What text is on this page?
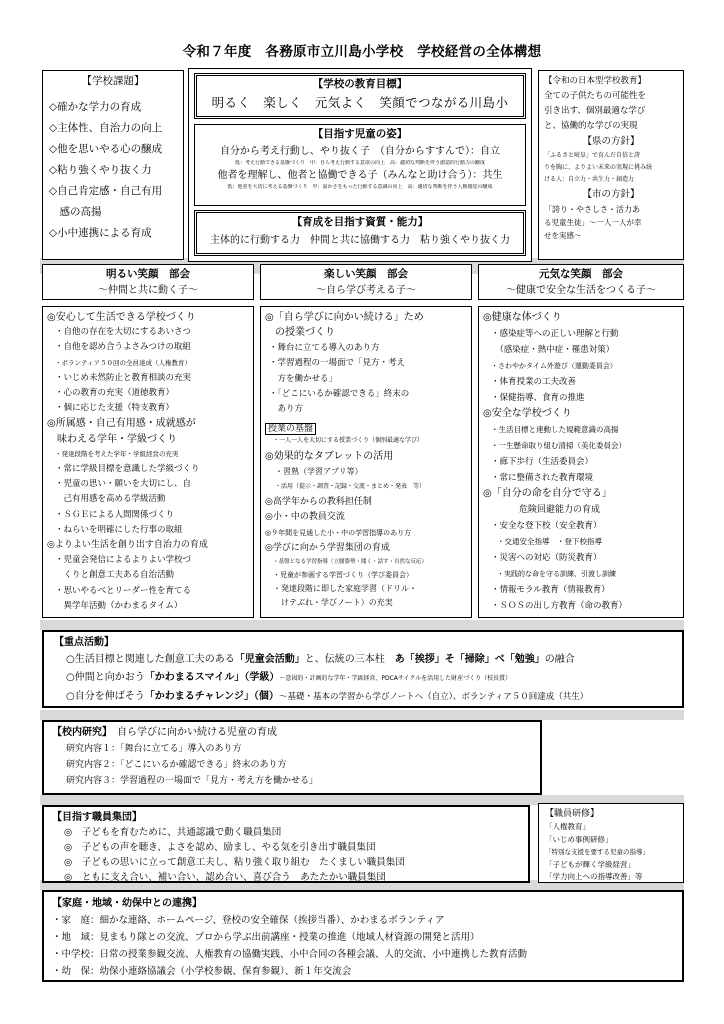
令和７年度　各務原市立川島小学校　学校経営の全体構想
【学校課題】
◇確かな学力の育成
◇主体性、自治力の向上
◇他を思いやる心の醸成
◇粘り強くやり抜く力
◇自己肯定感・自己有用
　感の高揚
◇小中連携による育成
【学校の教育目標】
明るく　楽しく　元気よく　笑顔でつながる川島小
【目指す児童の姿】
自分から考え行動し、やり抜く子　（自分からすすんで）：自立
低：考え行動できる基盤づくり　中：自ら考え行動する意欲の向上　高：適切な判断を伴う創造的行動力の醸成
他者を理解し、他者と協働できる子（みんなと助け合う）：共生
低：他者を大切に考える基盤づくり　中：温かさをもった行動する意識の向上　高：適切な判断を伴う人権感覚の醸成
【育成を目指す資質・能力】
主体的に行動する力　仲間と共に協働する力　粘り強くやり抜く力
【令和の日本型学校教育】
全ての子供たちの可能性を
引き出す、個別最適な学び
と、協働的な学びの実現
【県の方針】
「ふるさと岐阜」で育んだ自信と誇
りを胸に、よりよい未来の実現に挑み続
ける人：自立力・共生力・創造力
【市の方針】
「誇り・やさしさ・活力あ
る児童生徒」～一人一人が幸
せを実感～
明るい笑顔　部会
～仲間と共に動く子～
楽しい笑顔　部会
～自ら学び考える子～
元気な笑顔　部会
～健康で安全な生活をつくる子～
◎安心して生活できる学校づくり
・自他の存在を大切にするあいさつ
・自他を認め合うよさみつけの取組
・ボランティア５０回の全員達成（人権教育）
・いじめ未然防止と教育相談の充実
・心の教育の充実（道徳教育）
・個に応じた支援（特支教育）
◎所属感・自己有用感・成就感が
　味わえる学年・学級づくり
・発達段階を考えた学年・学級経営の充実
・常に学級目標を意識した学級づくり
・児童の思い・願いを大切にし、自
　己有用感を高める学級活動
・ＳＧＥによる人間関係づくり
・ねらいを明確にした行事の取組
◎よりよい生活を創り出す自治力の育成
・児童会発信によるよりよい学校づ
　くりと創意工夫ある自治活動
・思いやるべとリーダー性を育てる
　異学年活動（かわまるタイム）
◎「自ら学びに向かい続ける」ため
　の授業づくり
・舞台に立てる導入のあり方
・学習過程の一場面で「見方・考え
　方を働かせる」
・「どこにいるか確認できる」終末の
　あり方
授業の基盤
・一人一人を大切にする授業づくり（個別最適な学び）
◎効果的なタブレットの活用
・習熟（学習アプリ等）
・活用（提示・調査・記録・交流・まとめ・発表　等）
◎高学年からの教科担任制
◎小・中の教員交流
◎９年間を見通した小・中の学習指導のあり方
◎学びに向かう学習集団の育成
・基盤となる学習指導（立腰姿勢・聞く・話す・自然な反応）
・児童が参画する学習づくり（学び委員会）
・発達段階に即した家庭学習（ドリル・
　けテぶれ・学びノート）の充実
◎健康な体づくり
・感染症等への正しい理解と行動
　（感染症・熱中症・罹患対策）
・さわやかタイム外遊び（運動委員会）
・体育授業の工夫改善
・保健指導、食育の推進
◎安全な学校づくり
・生活目標と連動した規範意識の高揚
・一生懸命取り組む清掃（美化委員会）
・廊下歩行（生活委員会）
・常に整備された教育環境
◎「自分の命を自分で守る」
　　　　危険回避能力の育成
・安全な登下校（安全教育）
・交通安全指導　・登下校指導
・災害への対応（防災教育）
・実践的な命を守る訓練、引渡し訓練
・情報モラル教育（情報教育）
・ＳＯＳの出し方教育（命の教育）
【重点活動】
○生活目標と関連した創意工夫のある「児童会活動」と、伝統の三本柱　 あ「挨拶」そ「掃除」べ「勉強」の融合
○仲間と向かおう「かわまるスマイル」（学級）～意図的・計画的な学年・学級経営、PDCAサイクルを活用した財産づくり（校長賞）
○自分を伸ばそう「かわまるチャレンジ」（個）～基礎・基本の学習から学びノートへ（自立）、ボランティア５０回達成（共生）
【校内研究】　 自ら学びに向かい続ける児童の育成
研究内容１：「舞台に立てる」導入のあり方
研究内容２：「どこにいるか確認できる」終末のあり方
研究内容３：学習過程の一場面で「見方・考え方を働かせる」
【目指す職員集団】
◎　子どもを育むために、共通認識で動く職員集団
◎　子どもの声を聴き、よさを認め、励まし、やる気を引き出す職員集団
◎　子どもの思いに立って創意工夫し、粘り強く取り組む　たくましい職員集団
◎　ともに支え合い、補い合い、認め合い、喜び合う　あたたかい職員集団
【職員研修】
「人権教育」
「いじめ事例研修」
「特別な支援を要する児童の指導」
「子どもが輝く学級経営」
「学力向上への指導改善」等
【家庭・地域・幼保中との連携】
・家　庭：細かな連絡、ホームページ、登校の安全確保（挨拶当番）、かわまるボランティア
・地　域：見まもり隊との交流、プロから学ぶ出前講座・授業の推進（地域人材資源の開発と活用）
・中学校：日常の授業参観交流、人権教育の協働実践、小中合同の各種会議、人的交流、小中連携した教育活動
・幼　保：幼保小連絡協議会（小学校参観、保育参観）、新１年交流会
